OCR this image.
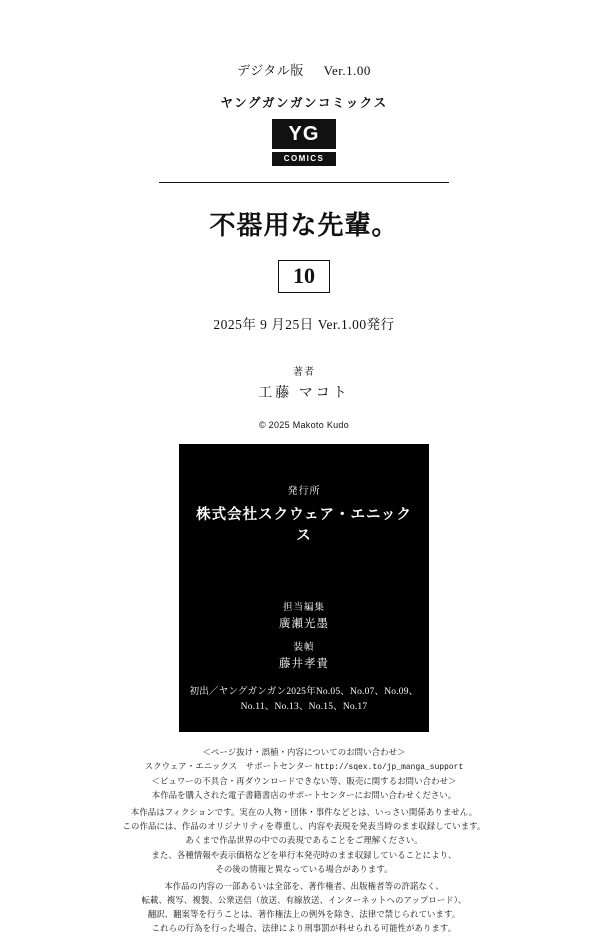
デジタル版 Ver.1.00
ヤングガンガンコミックス
YG
COMICS
不器用な先輩。
10
2025年 9 月25日 Ver.1.00発行
著者
工藤 マコト
© 2025 Makoto Kudo
発行所
株式会社スクウェア・エニックス
担当編集
廣瀬光墨
装幀
藤井孝貴
初出／ヤングガンガン2025年No.05、No.07、No.09、
No.11、No.13、No.15、No.17
＜ページ抜け・誤植・内容についてのお問い合わせ＞
スクウェア・エニックス　サポートセンター http://sqex.to/jp_manga_support
＜ビュワーの不具合・再ダウンロードできない等、販売に関するお問い合わせ＞
本作品を購入された電子書籍書店のサポートセンターにお問い合わせください。
本作品はフィクションです。実在の人物・団体・事件などとは、いっさい関係ありません。
この作品には、作品のオリジナリティを尊重し、内容や表現を発表当時のまま収録しています。
あくまで作品世界の中での表現であることをご理解ください。
また、各種情報や表示価格などを単行本発売時のまま収録していることにより、
その後の情報と異なっている場合があります。
本作品の内容の一部あるいは全部を、著作権者、出版権者等の許諾なく、
転載、複写、複製、公衆送信（放送、有線放送、インターネットへのアップロード）、
翻訳、翻案等を行うことは、著作権法上の例外を除き、法律で禁じられています。
これらの行為を行った場合、法律により刑事罰が科せられる可能性があります。
